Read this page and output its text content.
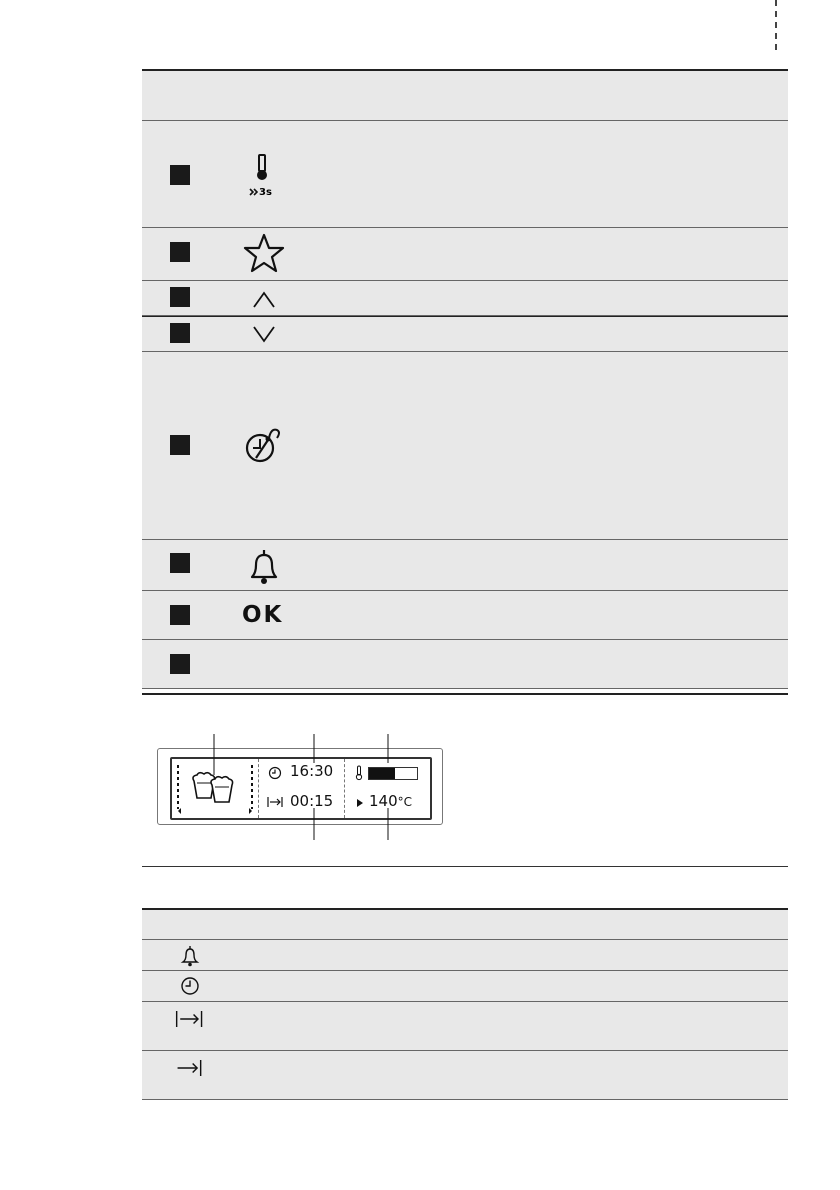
3s
OK
16:30
00:15 140°C
